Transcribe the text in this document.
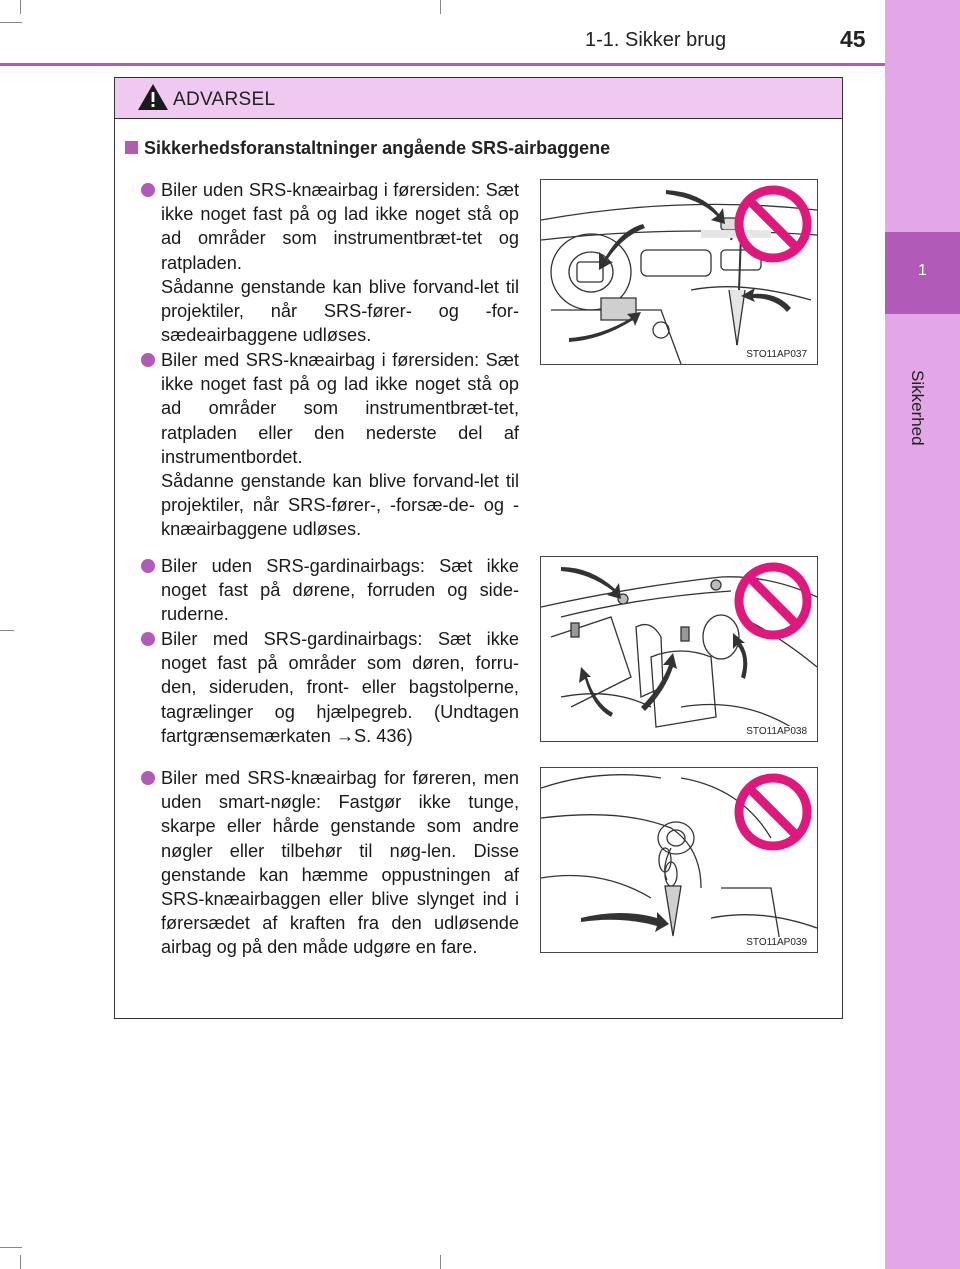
1
Sikkerhed
1-1. Sikker brug	45
ADVARSEL
Sikkerhedsforanstaltninger angående SRS-airbaggene
Biler uden SRS-knæairbag i førersiden: Sæt ikke noget fast på og lad ikke noget stå op ad områder som instrumentbræt-tet og ratpladen.
Sådanne genstande kan blive forvand-let til projektiler, når SRS-fører- og -for-sædeairbaggene udløses.
Biler med SRS-knæairbag i førersiden: Sæt ikke noget fast på og lad ikke noget stå op ad områder som instrumentbræt-tet, ratpladen eller den nederste del af instrumentbordet.
Sådanne genstande kan blive forvand-let til projektiler, når SRS-fører-, -forsæ-de- og -knæairbaggene udløses.
Biler uden SRS-gardinairbags: Sæt ikke noget fast på dørene, forruden og side-ruderne.
Biler med SRS-gardinairbags: Sæt ikke noget fast på områder som døren, forru-den, sideruden, front- eller bagstolperne, tagrælinger og hjælpegreb. (Undtagen fartgrænsemærkaten →S. 436)
Biler med SRS-knæairbag for føreren, men uden smart-nøgle: Fastgør ikke tunge, skarpe eller hårde genstande som andre nøgler eller tilbehør til nøg-len. Disse genstande kan hæmme oppustningen af SRS-knæairbaggen eller blive slynget ind i førersædet af kraften fra den udløsende airbag og på den måde udgøre en fare.
STO11AP037
STO11AP038
STO11AP039
